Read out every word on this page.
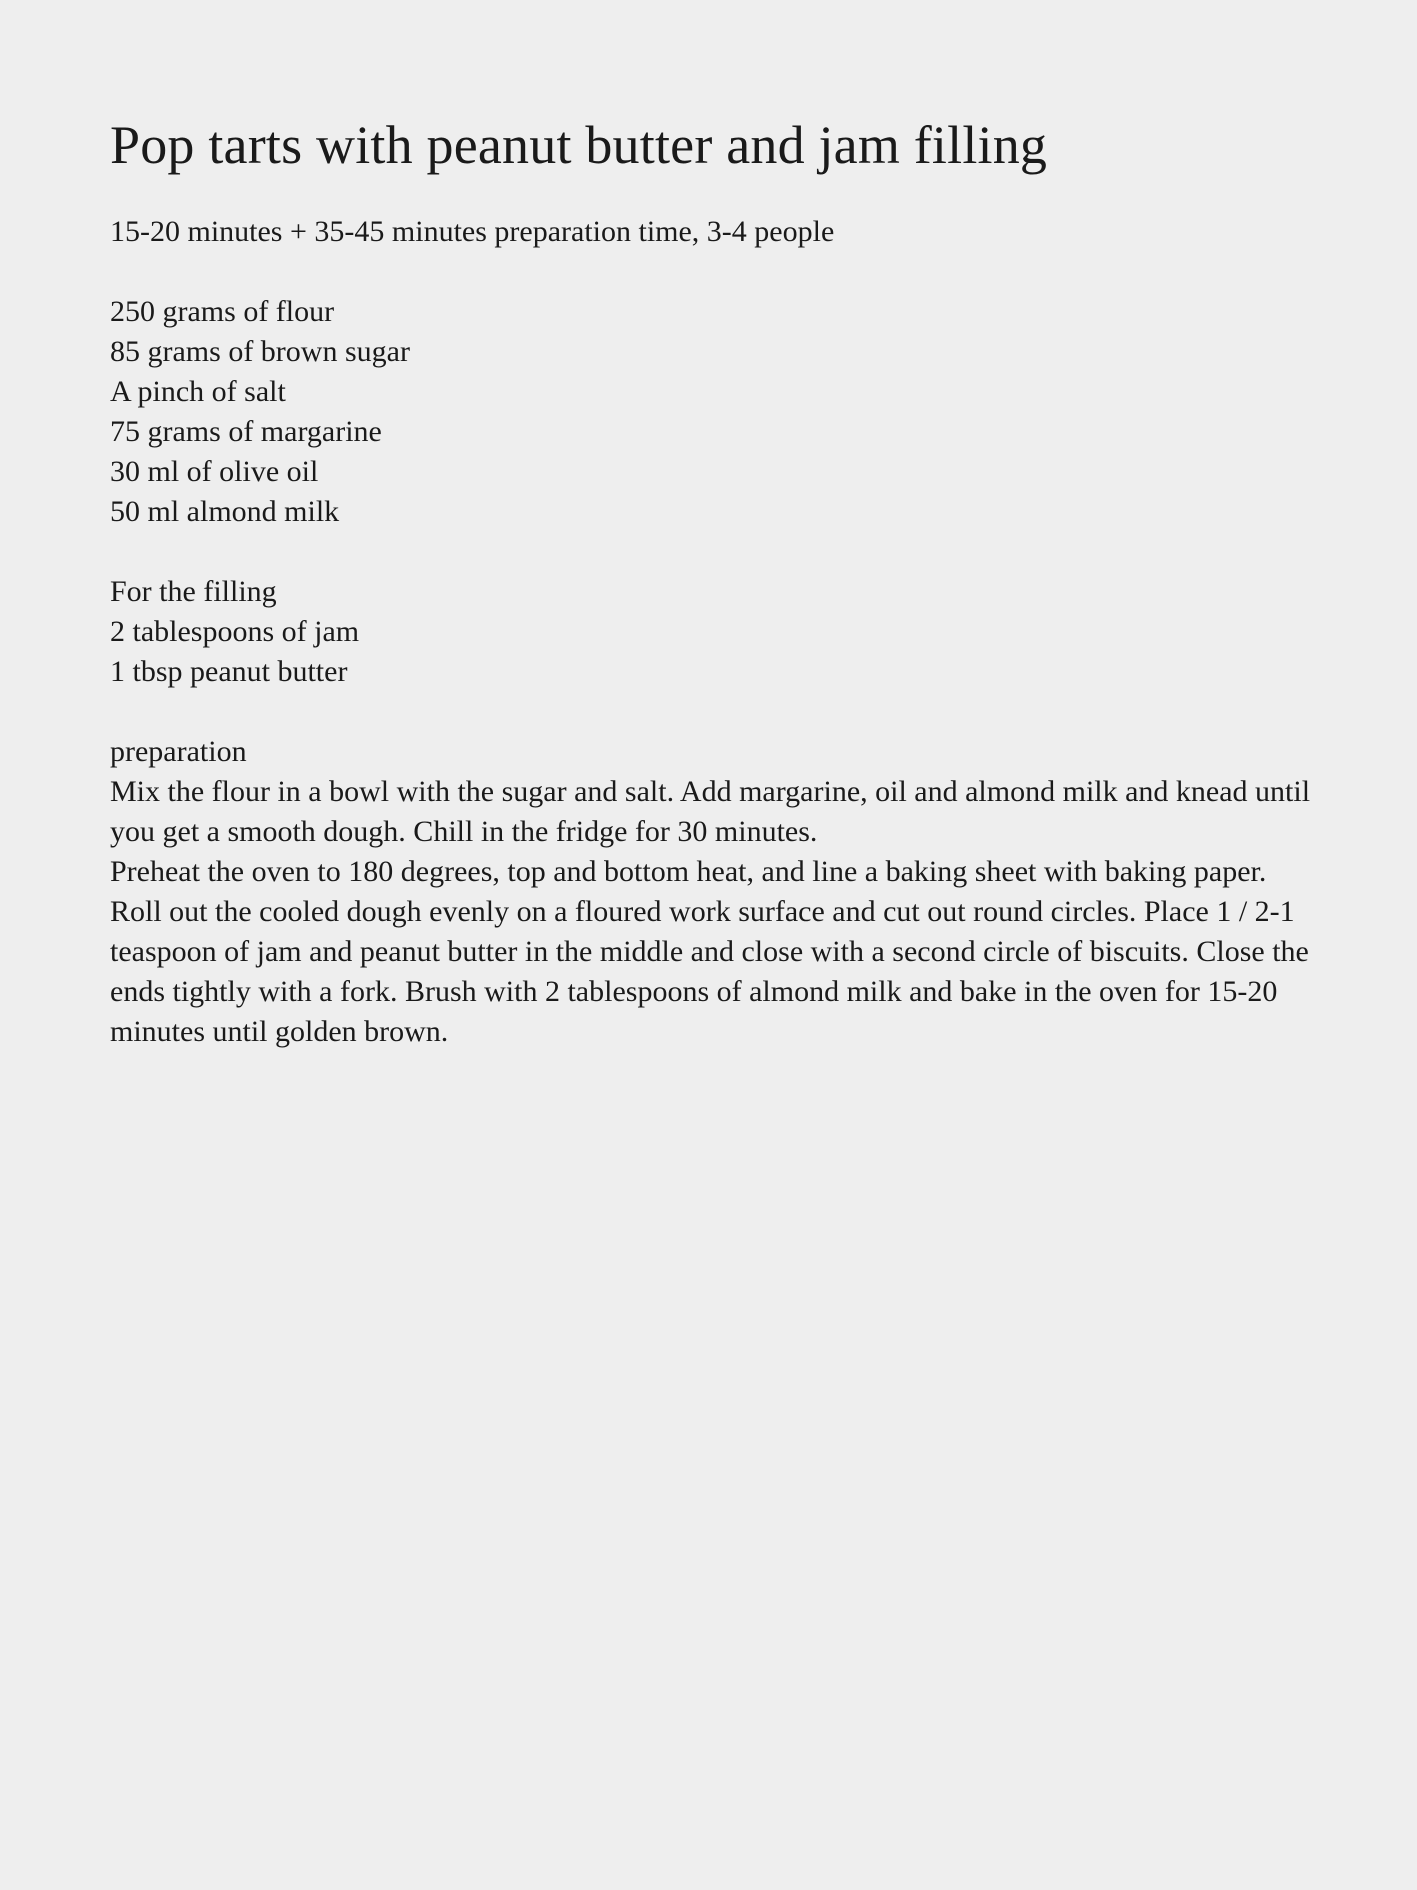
Pop tarts with peanut butter and jam filling
15-20 minutes + 35-45 minutes preparation time, 3-4 people
250 grams of flour
85 grams of brown sugar
A pinch of salt
75 grams of margarine
30 ml of olive oil
50 ml almond milk
For the filling
2 tablespoons of jam
1 tbsp peanut butter
preparation
Mix the flour in a bowl with the sugar and salt. Add margarine, oil and almond milk and knead until you get a smooth dough. Chill in the fridge for 30 minutes.
Preheat the oven to 180 degrees, top and bottom heat, and line a baking sheet with baking paper.
Roll out the cooled dough evenly on a floured work surface and cut out round circles. Place 1 / 2-1 teaspoon of jam and peanut butter in the middle and close with a second circle of biscuits. Close the ends tightly with a fork. Brush with 2 tablespoons of almond milk and bake in the oven for 15-20 minutes until golden brown.
